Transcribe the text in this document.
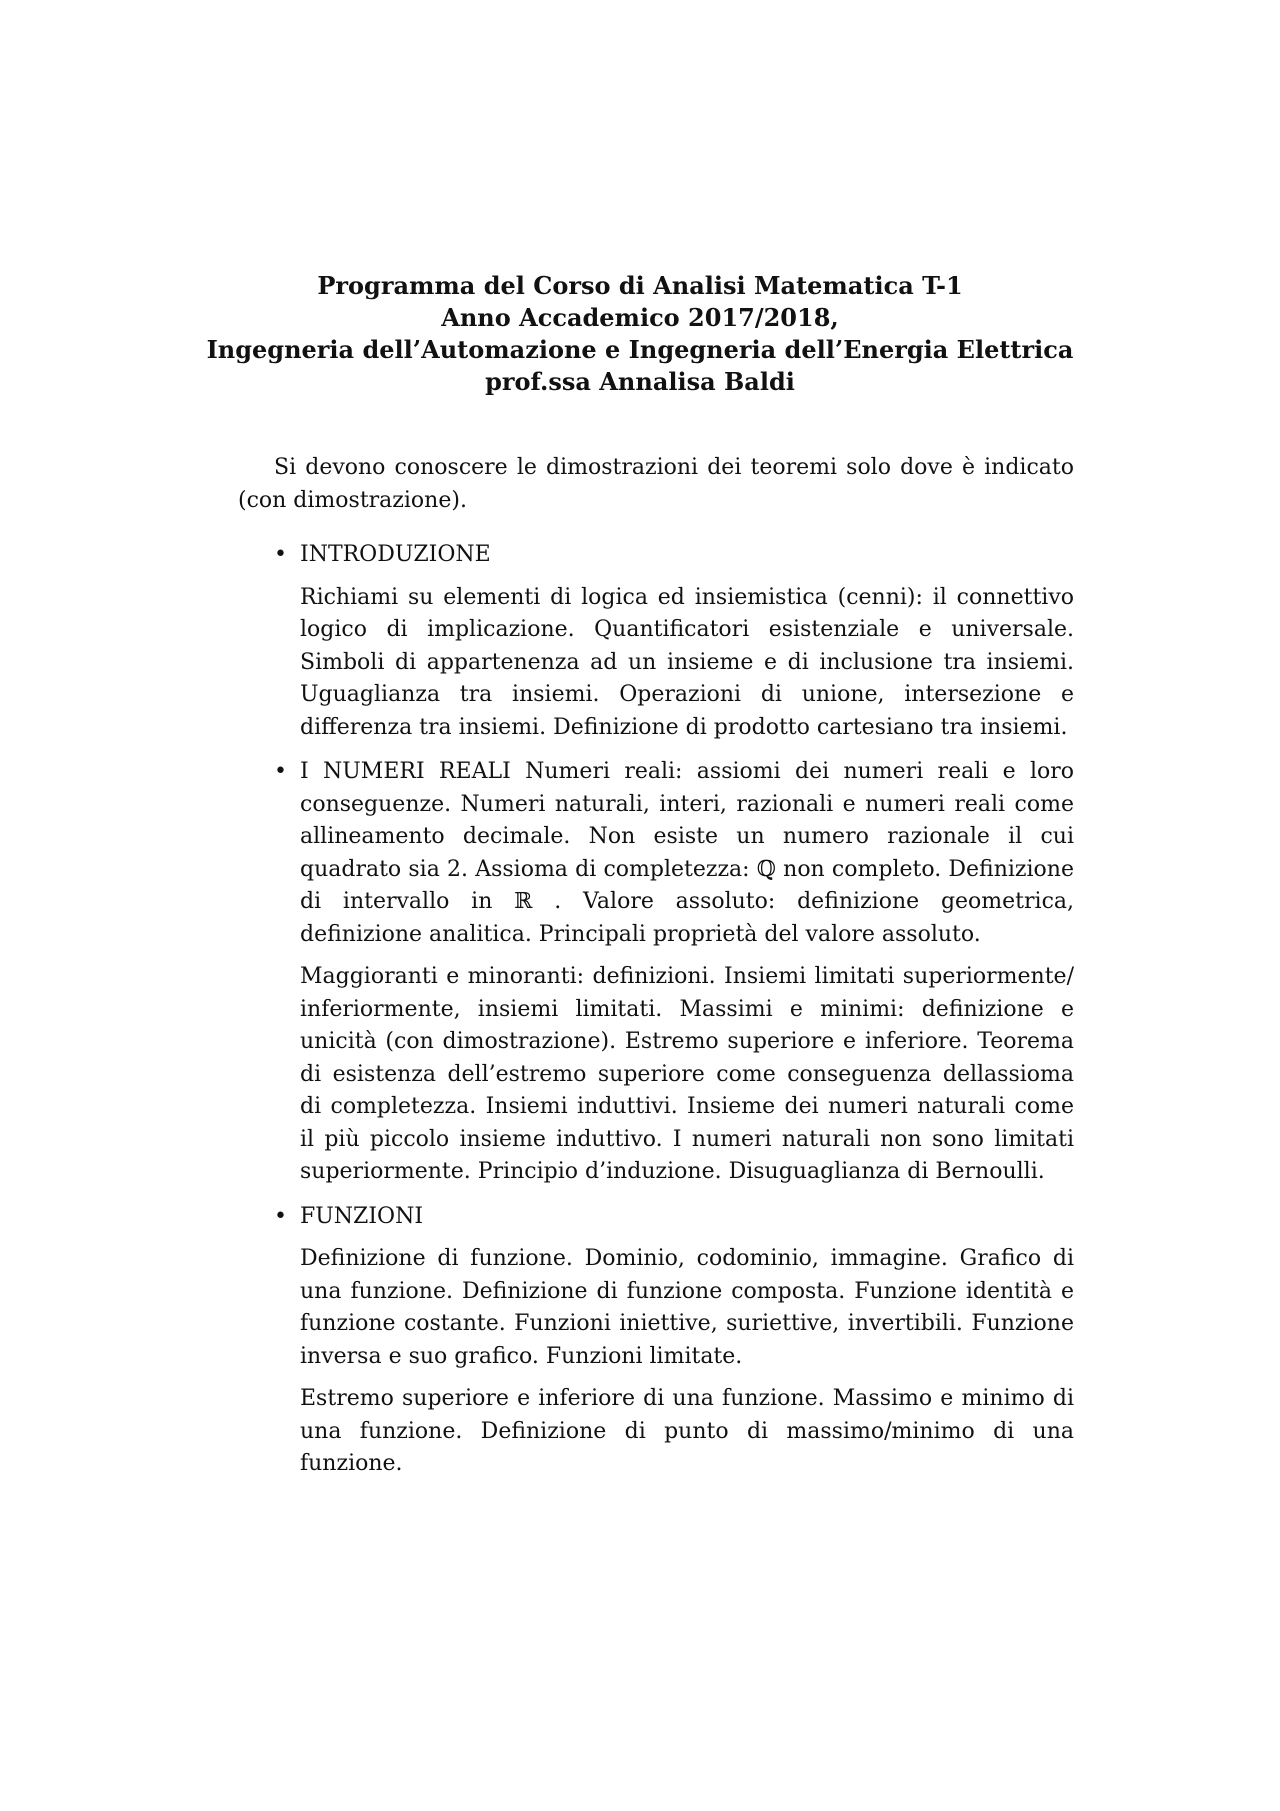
Programma del Corso di Analisi Matematica T-1
Anno Accademico 2017/2018,
Ingegneria dell’Automazione e Ingegneria dell’Energia Elettrica
prof.ssa Annalisa Baldi

Si devono conoscere le dimostrazioni dei teoremi solo dove è indicato (con dimostrazione).

• INTRODUZIONE

Richiami su elementi di logica ed insiemistica (cenni): il connettivo logico di implicazione. Quantificatori esistenziale e universale. Simboli di appartenenza ad un insieme e di inclusione tra insiemi. Uguaglianza tra insiemi. Operazioni di unione, intersezione e differenza tra insiemi. Definizione di prodotto cartesiano tra insiemi.

• I NUMERI REALI Numeri reali: assiomi dei numeri reali e loro conseguenze. Numeri naturali, interi, razionali e numeri reali come allineamento decimale. Non esiste un numero razionale il cui quadrato sia 2. Assioma di completezza: ℚ non completo. Definizione di intervallo in ℝ . Valore assoluto: definizione geometrica, definizione analitica. Principali proprietà del valore assoluto.

Maggioranti e minoranti: definizioni. Insiemi limitati superiormente/ inferiormente, insiemi limitati. Massimi e minimi: definizione e unicità (con dimostrazione). Estremo superiore e inferiore. Teorema di esistenza dell’estremo superiore come conseguenza dellassioma di completezza. Insiemi induttivi. Insieme dei numeri naturali come il più piccolo insieme induttivo. I numeri naturali non sono limitati superiormente. Principio d’induzione. Disuguaglianza di Bernoulli.

• FUNZIONI

Definizione di funzione. Dominio, codominio, immagine. Grafico di una funzione. Definizione di funzione composta. Funzione identità e funzione costante. Funzioni iniettive, suriettive, invertibili. Funzione inversa e suo grafico. Funzioni limitate.

Estremo superiore e inferiore di una funzione. Massimo e minimo di una funzione. Definizione di punto di massimo/minimo di una funzione.
